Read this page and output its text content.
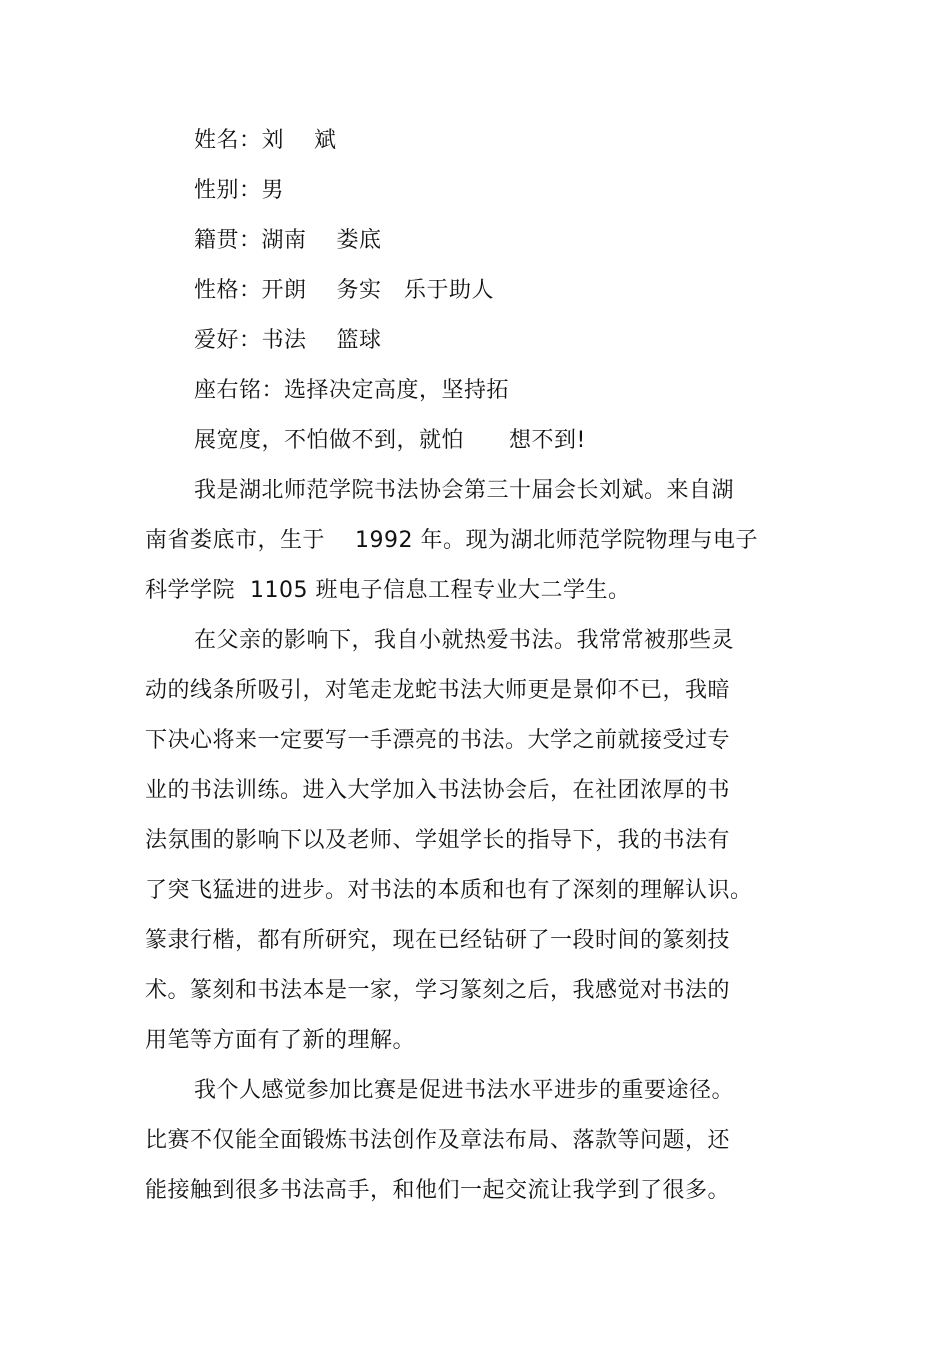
姓名：刘　 斌
性别：男
籍贯：湖南　 娄底
性格：开朗　 务实　乐于助人
爱好：书法　 篮球
座右铭：选择决定高度，坚持拓
展宽度，不怕做不到，就怕　　想不到!
我是湖北师范学院书法协会第三十届会长刘斌。来自湖
南省娄底市，生于　 1992 年。现为湖北师范学院物理与电子
科学学院  1105 班电子信息工程专业大二学生。
在父亲的影响下，我自小就热爱书法。我常常被那些灵
动的线条所吸引，对笔走龙蛇书法大师更是景仰不已，我暗
下决心将来一定要写一手漂亮的书法。大学之前就接受过专
业的书法训练。进入大学加入书法协会后，在社团浓厚的书
法氛围的影响下以及老师、学姐学长的指导下，我的书法有
了突飞猛进的进步。对书法的本质和也有了深刻的理解认识。
篆隶行楷，都有所研究，现在已经钻研了一段时间的篆刻技
术。篆刻和书法本是一家，学习篆刻之后，我感觉对书法的
用笔等方面有了新的理解。
我个人感觉参加比赛是促进书法水平进步的重要途径。
比赛不仅能全面锻炼书法创作及章法布局、落款等问题，还
能接触到很多书法高手，和他们一起交流让我学到了很多。
